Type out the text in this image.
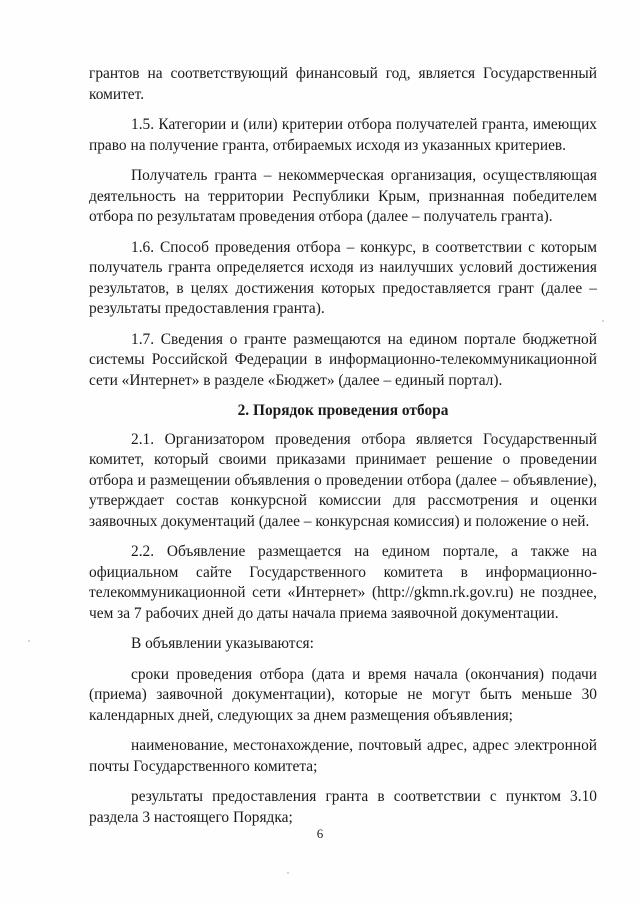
грантов на соответствующий финансовый год, является Государственный комитет.

1.5. Категории и (или) критерии отбора получателей гранта, имеющих право на получение гранта, отбираемых исходя из указанных критериев.

Получатель гранта – некоммерческая организация, осуществляющая деятельность на территории Республики Крым, признанная победителем отбора по результатам проведения отбора (далее – получатель гранта).

1.6. Способ проведения отбора – конкурс, в соответствии с которым получатель гранта определяется исходя из наилучших условий достижения результатов, в целях достижения которых предоставляется грант (далее – результаты предоставления гранта).

1.7. Сведения о гранте размещаются на едином портале бюджетной системы Российской Федерации в информационно-телекоммуникационной сети «Интернет» в разделе «Бюджет» (далее – единый портал).

2. Порядок проведения отбора

2.1. Организатором проведения отбора является Государственный комитет, который своими приказами принимает решение о проведении отбора и размещении объявления о проведении отбора (далее – объявление), утверждает состав конкурсной комиссии для рассмотрения и оценки заявочных документаций (далее – конкурсная комиссия) и положение о ней.

2.2. Объявление размещается на едином портале, а также на официальном сайте Государственного комитета в информационно-телекоммуникационной сети «Интернет» (http://gkmn.rk.gov.ru) не позднее, чем за 7 рабочих дней до даты начала приема заявочной документации.

В объявлении указываются:

сроки проведения отбора (дата и время начала (окончания) подачи (приема) заявочной документации), которые не могут быть меньше 30 календарных дней, следующих за днем размещения объявления;

наименование, местонахождение, почтовый адрес, адрес электронной почты Государственного комитета;

результаты предоставления гранта в соответствии с пунктом 3.10 раздела 3 настоящего Порядка;

6
